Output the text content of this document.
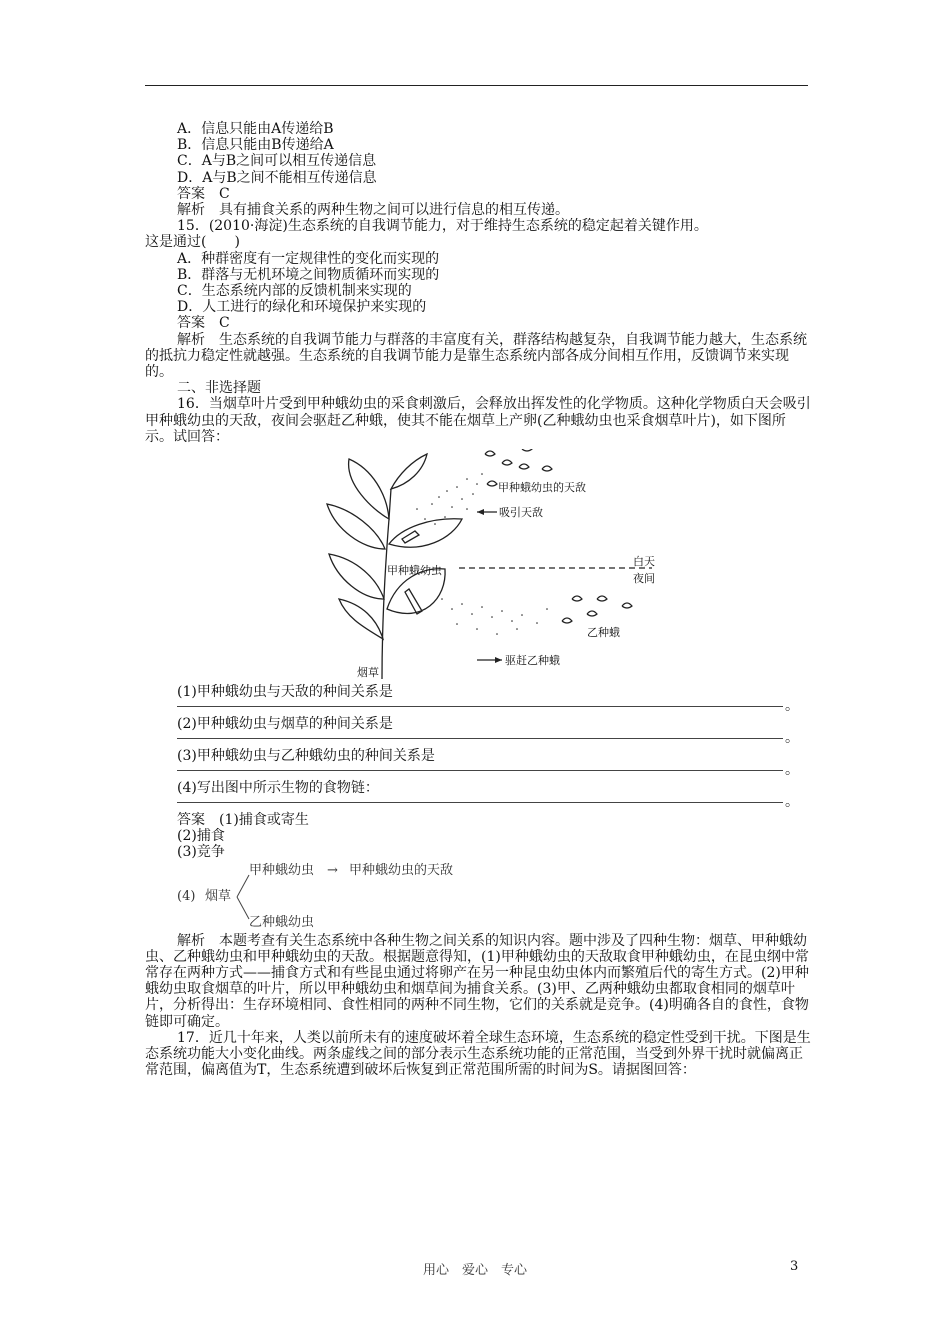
A．信息只能由A传递给B
B．信息只能由B传递给A
C．A与B之间可以相互传递信息
D．A与B之间不能相互传递信息
答案　C
解析　具有捕食关系的两种生物之间可以进行信息的相互传递。
15．(2010·海淀)生态系统的自我调节能力，对于维持生态系统的稳定起着关键作用。
这是通过(　　)
A．种群密度有一定规律性的变化而实现的
B．群落与无机环境之间物质循环而实现的
C．生态系统内部的反馈机制来实现的
D．人工进行的绿化和环境保护来实现的
答案　C
解析　生态系统的自我调节能力与群落的丰富度有关，群落结构越复杂，自我调节能力越大，生态系统的抵抗力稳定性就越强。生态系统的自我调节能力是靠生态系统内部各成分间相互作用，反馈调节来实现的。
二、非选择题
16．当烟草叶片受到甲种蛾幼虫的采食刺激后，会释放出挥发性的化学物质。这种化学物质白天会吸引甲种蛾幼虫的天敌，夜间会驱赶乙种蛾，使其不能在烟草上产卵(乙种蛾幼虫也采食烟草叶片)，如下图所示。试回答：
甲种蛾幼虫的天敌
吸引天敌
甲种蛾幼虫
白天
夜间
乙种蛾
烟草
驱赶乙种蛾
(1)甲种蛾幼虫与天敌的种间关系是
。
(2)甲种蛾幼虫与烟草的种间关系是
。
(3)甲种蛾幼虫与乙种蛾幼虫的种间关系是
。
(4)写出图中所示生物的食物链：
。
答案　(1)捕食或寄生
(2)捕食
(3)竞争
(4) 烟草
甲种蛾幼虫 → 甲种蛾幼虫的天敌
乙种蛾幼虫
解析　本题考查有关生态系统中各种生物之间关系的知识内容。题中涉及了四种生物：烟草、甲种蛾幼虫、乙种蛾幼虫和甲种蛾幼虫的天敌。根据题意得知，(1)甲种蛾幼虫的天敌取食甲种蛾幼虫，在昆虫纲中常常存在两种方式——捕食方式和有些昆虫通过将卵产在另一种昆虫幼虫体内而繁殖后代的寄生方式。(2)甲种蛾幼虫取食烟草的叶片，所以甲种蛾幼虫和烟草间为捕食关系。(3)甲、乙两种蛾幼虫都取食相同的烟草叶片，分析得出：生存环境相同、食性相同的两种不同生物，它们的关系就是竞争。(4)明确各自的食性，食物链即可确定。
17．近几十年来，人类以前所未有的速度破坏着全球生态环境，生态系统的稳定性受到干扰。下图是生态系统功能大小变化曲线。两条虚线之间的部分表示生态系统功能的正常范围，当受到外界干扰时就偏离正常范围，偏离值为T，生态系统遭到破坏后恢复到正常范围所需的时间为S。请据图回答：
用心　爱心　专心	3
